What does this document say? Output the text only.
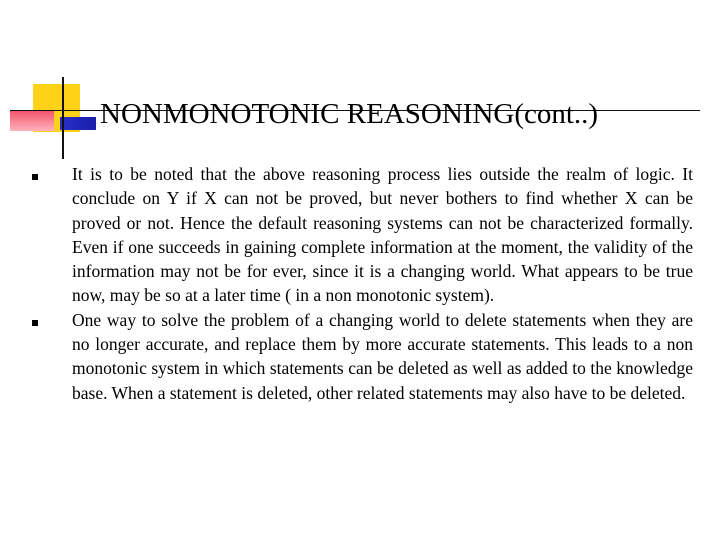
NONMONOTONIC REASONING(cont..)
It is to be noted that the above reasoning process lies outside the realm of logic. It conclude on Y if X can not be proved, but never bothers to find whether X can be proved or not. Hence the default reasoning systems can not be characterized formally. Even if one succeeds in gaining complete information at the moment, the validity of the information may not be for ever, since it is a changing world. What appears to be true now, may be so at a later time ( in a non monotonic system).
One way to solve the problem of a changing world to delete statements when they are no longer accurate, and replace them by more accurate statements. This leads to a non monotonic system in which statements can be deleted as well as added to the knowledge base. When a statement is deleted, other related statements may also have to be deleted.
